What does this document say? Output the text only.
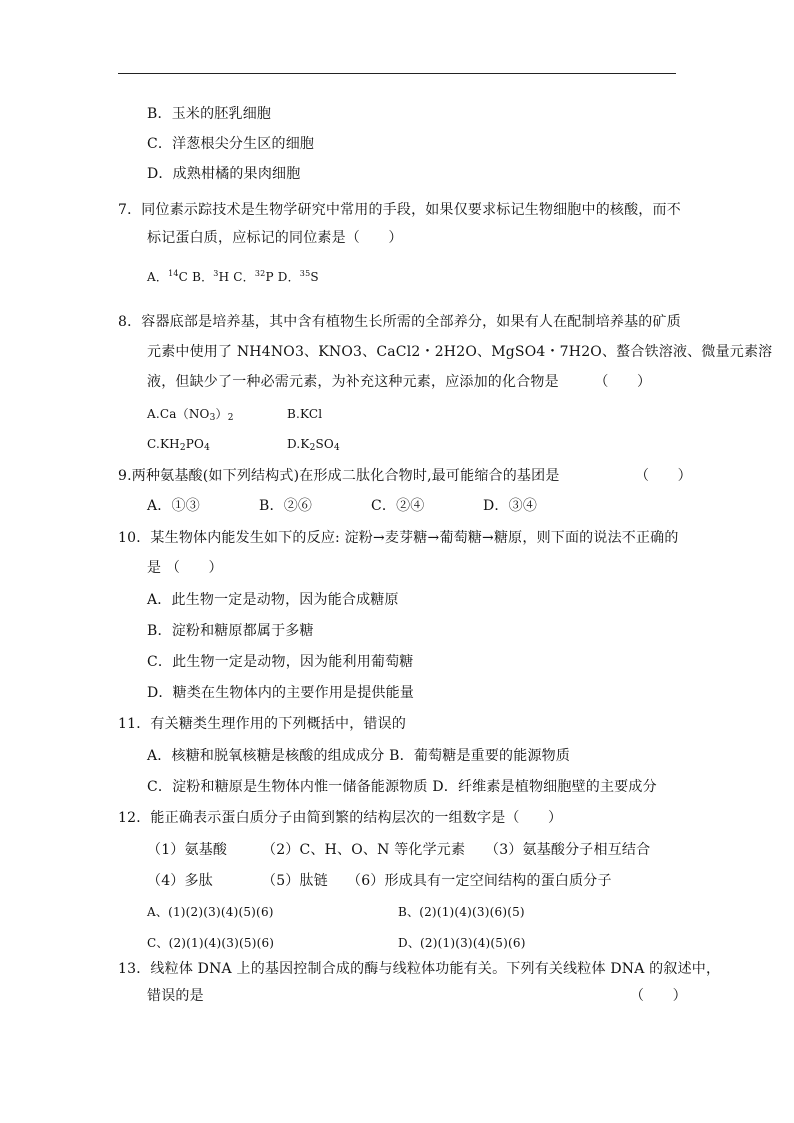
B．玉米的胚乳细胞
C．洋葱根尖分生区的细胞
D．成熟柑橘的果肉细胞
7．同位素示踪技术是生物学研究中常用的手段，如果仅要求标记生物细胞中的核酸，而不
标记蛋白质，应标记的同位素是（　　）
A．$^{14}$C B．$^3$H C．$^{32}$P D．$^{35}$S
8．容器底部是培养基，其中含有植物生长所需的全部养分，如果有人在配制培养基的矿质
元素中使用了 NH4NO3、KNO3、CaCl2・2H2O、MgSO4・7H2O、螯合铁溶液、微量元素溶
液，但缺少了一种必需元素，为补充这种元素，应添加的化合物是　　　（　　）
$A.Ca(NO_3)_2$	B.KCl
$C.KH_2PO_4$	$D.K_2SO_4$
9.两种氨基酸(如下列结构式)在形成二肽化合物时,最可能缩合的基团是	（　　）
A．①③	B．②⑥	C．②④	D．③④
10．某生物体内能发生如下的反应: 淀粉→麦芽糖→葡萄糖→糖原，则下面的说法不正确的
是 （　　）
A．此生物一定是动物，因为能合成糖原
B．淀粉和糖原都属于多糖
C．此生物一定是动物，因为能利用葡萄糖
D．糖类在生物体内的主要作用是提供能量
11．有关糖类生理作用的下列概括中，错误的
A．核糖和脱氧核糖是核酸的组成成分 B．葡萄糖是重要的能源物质
C．淀粉和糖原是生物体内惟一储备能源物质 D．纤维素是植物细胞壁的主要成分
12．能正确表示蛋白质分子由简到繁的结构层次的一组数字是（　　）
（1）氨基酸 （2）C、H、O、N 等化学元素 （3）氨基酸分子相互结合
（4）多肽	（5）肽链 （6）形成具有一定空间结构的蛋白质分子
A、(1)(2)(3)(4)(5)(6)	B、(2)(1)(4)(3)(6)(5)
C、(2)(1)(4)(3)(5)(6)	D、(2)(1)(3)(4)(5)(6)
13．线粒体 DNA 上的基因控制合成的酶与线粒体功能有关。下列有关线粒体 DNA 的叙述中，
错误的是	（　　）
